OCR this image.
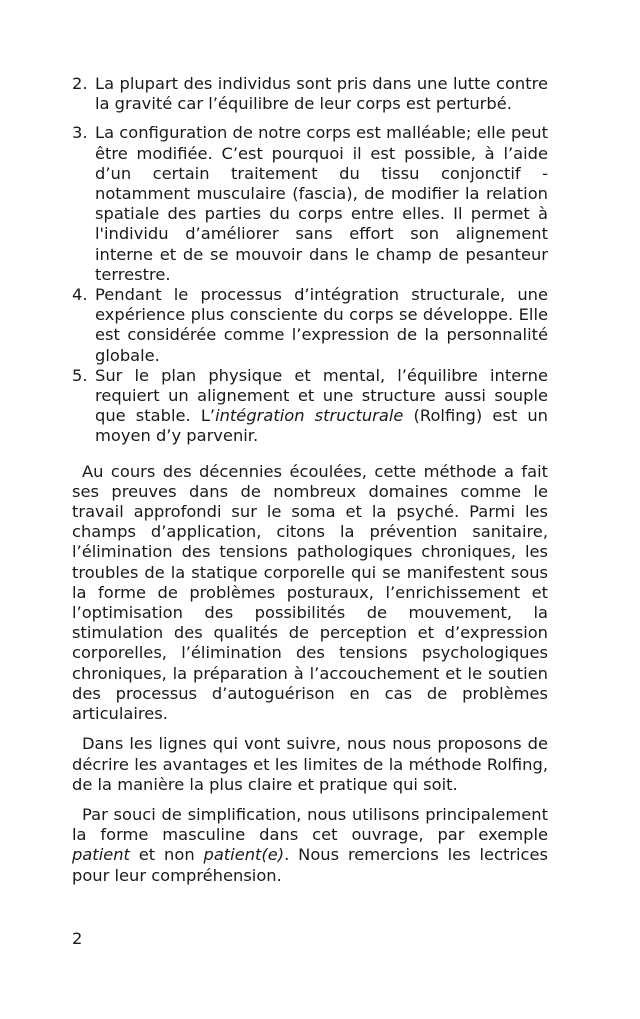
2. La plupart des individus sont pris dans une lutte contre la gravité car l’équilibre de leur corps est perturbé.
3. La configuration de notre corps est malléable; elle peut être modifiée. C’est pourquoi il est possible, à l’aide d’un certain traitement du tissu conjonctif - notamment musculaire (fascia), de modifier la relation spatiale des parties du corps entre elles. Il permet à l'individu d’améliorer sans effort son alignement interne et de se mouvoir dans le champ de pesanteur terrestre.
4. Pendant le processus d’intégration structurale, une expérience plus consciente du corps se développe. Elle est considérée comme l’expression de la personnalité globale.
5. Sur le plan physique et mental, l’équilibre interne requiert un alignement et une structure aussi souple que stable. L’intégration structurale (Rolfing) est un moyen d’y parvenir.

Au cours des décennies écoulées, cette méthode a fait ses preuves dans de nombreux domaines comme le travail approfondi sur le soma et la psyché. Parmi les champs d’application, citons la prévention sanitaire, l’élimination des tensions pathologiques chroniques, les troubles de la statique corporelle qui se manifestent sous la forme de problèmes posturaux, l’enrichissement et l’optimisation des possibilités de mouvement, la stimulation des qualités de perception et d’expression corporelles, l’élimination des tensions psychologiques chroniques, la préparation à l’accouchement et le soutien des processus d’autoguérison en cas de problèmes articulaires.

Dans les lignes qui vont suivre, nous nous proposons de décrire les avantages et les limites de la méthode Rolfing, de la manière la plus claire et pratique qui soit.

Par souci de simplification, nous utilisons principalement la forme masculine dans cet ouvrage, par exemple patient et non patient(e). Nous remercions les lectrices pour leur compréhension.

2
